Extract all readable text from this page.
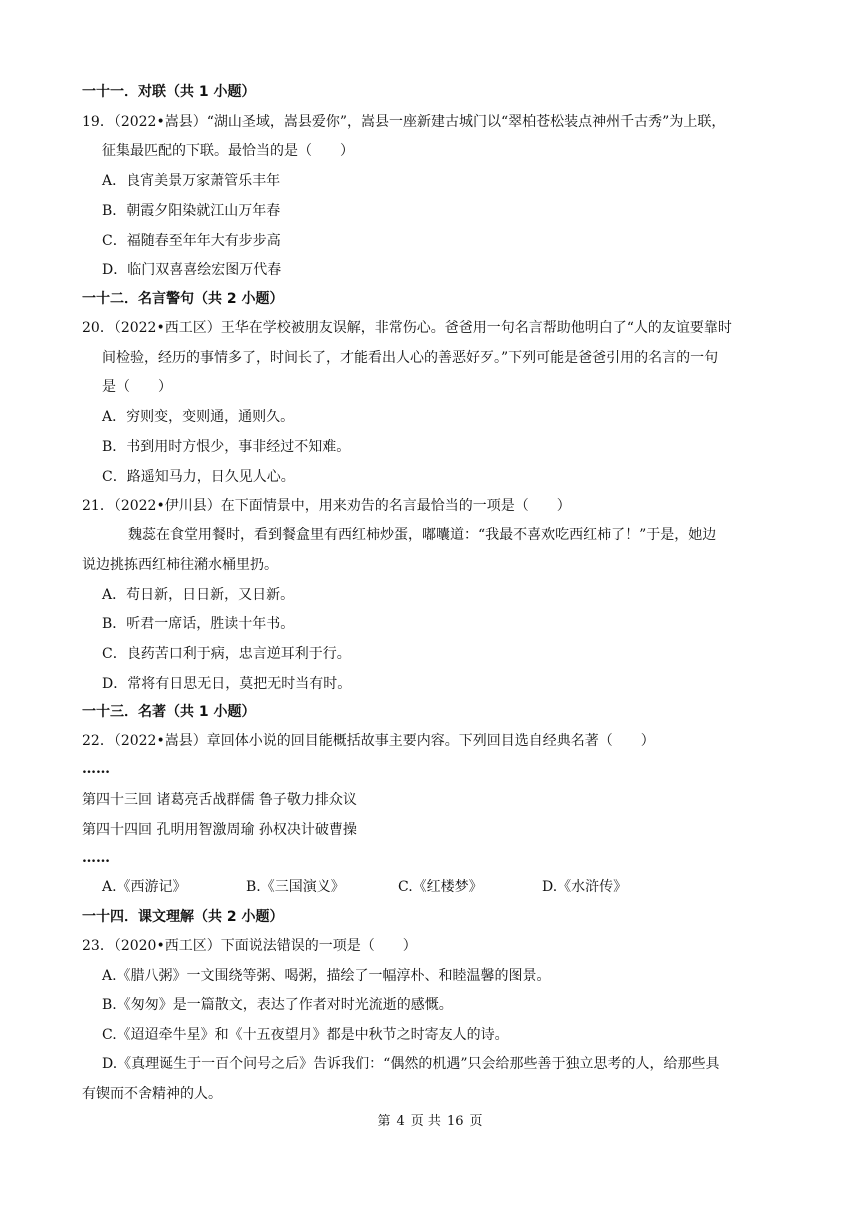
一十一．对联（共 1 小题）
19．（2022•嵩县）“湖山圣域，嵩县爱你”，嵩县一座新建古城门以“翠柏苍松装点神州千古秀”为上联，
征集最匹配的下联。最恰当的是（　　）
A．良宵美景万家萧管乐丰年
B．朝霞夕阳染就江山万年春
C．福随春至年年大有步步高
D．临门双喜喜绘宏图万代春
一十二．名言警句（共 2 小题）
20．（2022•西工区）王华在学校被朋友误解，非常伤心。爸爸用一句名言帮助他明白了“人的友谊要靠时
间检验，经历的事情多了，时间长了，才能看出人心的善恶好歹。”下列可能是爸爸引用的名言的一句
是（　　）
A．穷则变，变则通，通则久。
B．书到用时方恨少，事非经过不知难。
C．路遥知马力，日久见人心。
21．（2022•伊川县）在下面情景中，用来劝告的名言最恰当的一项是（　　）
魏蕊在食堂用餐时，看到餐盒里有西红柿炒蛋，嘟囔道：“我最不喜欢吃西红柿了！”于是，她边
说边挑拣西红柿往潲水桶里扔。
A．苟日新，日日新，又日新。
B．听君一席话，胜读十年书。
C．良药苦口利于病，忠言逆耳利于行。
D．常将有日思无日，莫把无时当有时。
一十三．名著（共 1 小题）
22．（2022•嵩县）章回体小说的回目能概括故事主要内容。下列回目选自经典名著（　　）
……
第四十三回 诸葛亮舌战群儒 鲁子敬力排众议
第四十四回 孔明用智激周瑜 孙权决计破曹操
……
A.《西游记》	B.《三国演义》	C.《红楼梦》	D.《水浒传》
一十四．课文理解（共 2 小题）
23．（2020•西工区）下面说法错误的一项是（　　）
A.《腊八粥》一文围绕等粥、喝粥，描绘了一幅淳朴、和睦温馨的图景。
B.《匆匆》是一篇散文，表达了作者对时光流逝的感慨。
C.《迢迢牵牛星》和《十五夜望月》都是中秋节之时寄友人的诗。
D.《真理诞生于一百个问号之后》告诉我们：“偶然的机遇”只会给那些善于独立思考的人，给那些具
有锲而不舍精神的人。
第 4 页 共 16 页
